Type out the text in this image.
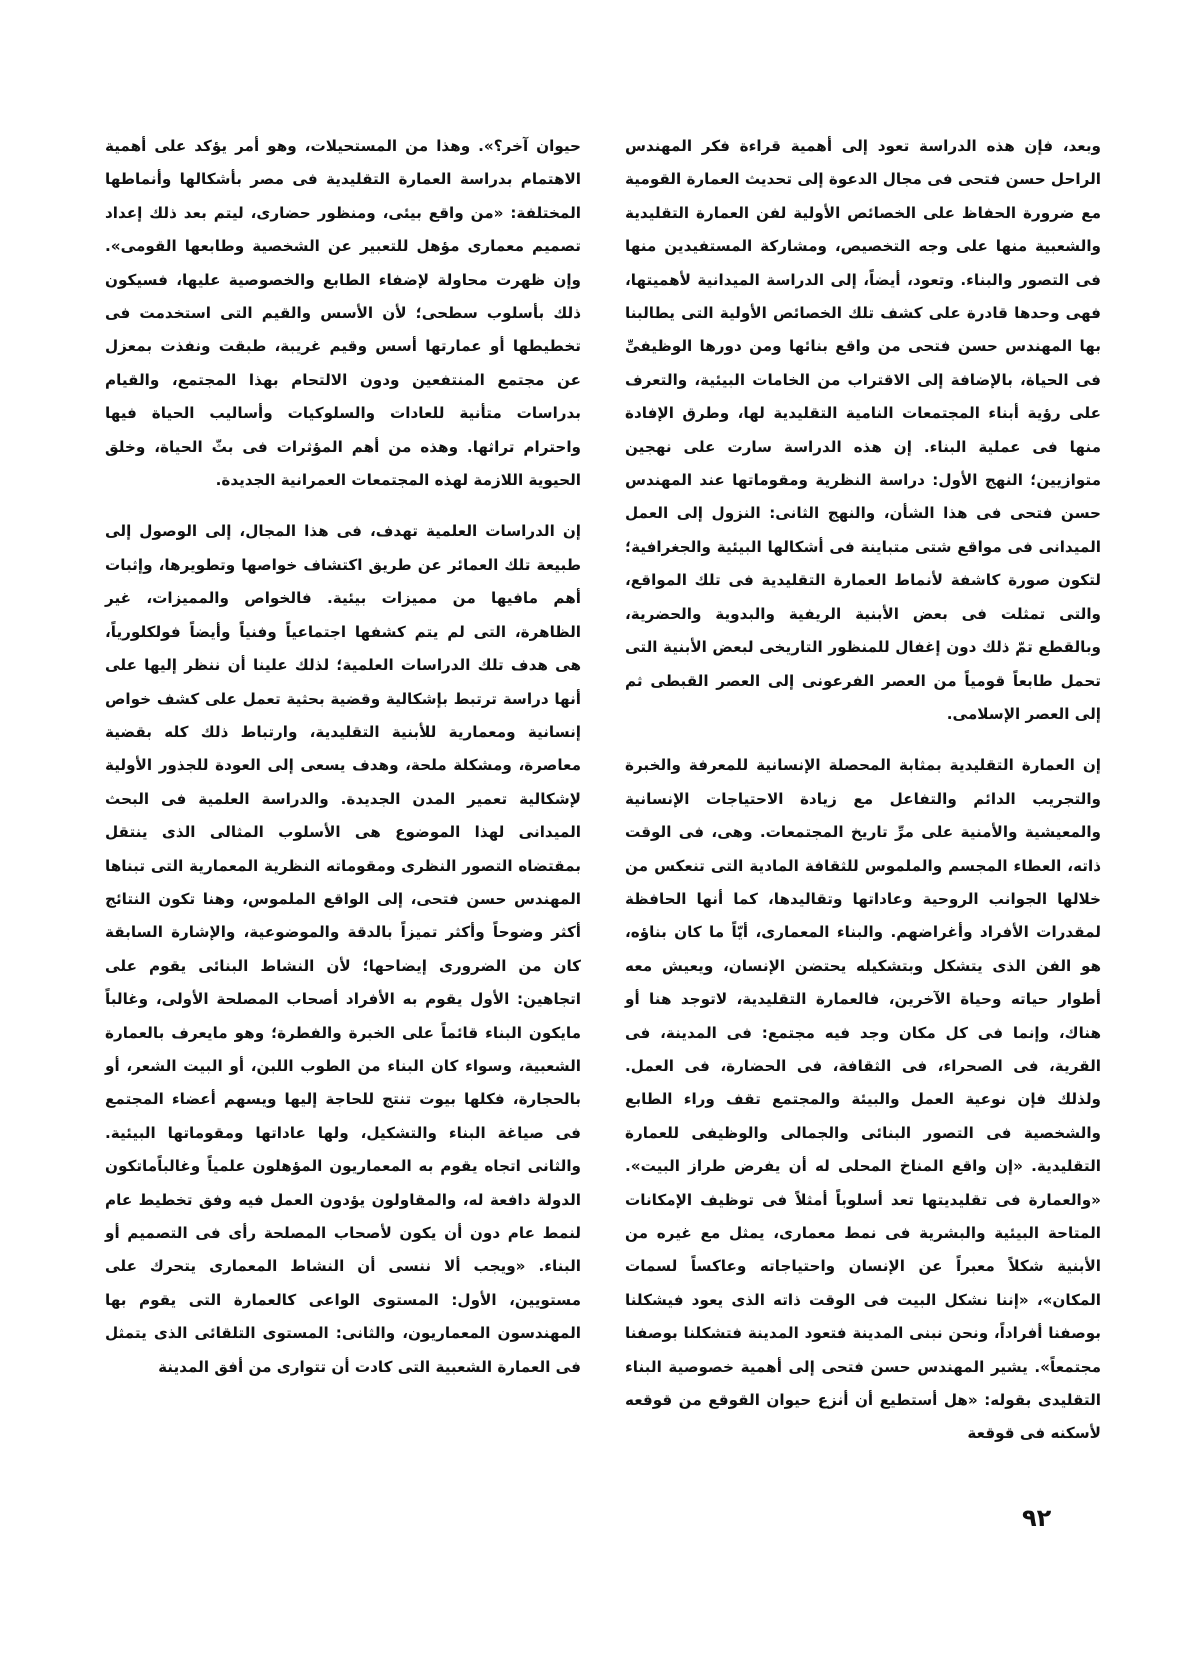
وبعد، فإن هذه الدراسة تعود إلى أهمية قراءة فكر المهندس الراحل حسن فتحى فى مجال الدعوة إلى تحديث العمارة القومية مع ضرورة الحفاظ على الخصائص الأولية لفن العمارة التقليدية والشعبية منها على وجه التخصيص، ومشاركة المستفيدين منها فى التصور والبناء. وتعود، أيضاً، إلى الدراسة الميدانية لأهميتها، فهى وحدها قادرة على كشف تلك الخصائص الأولية التى يطالبنا بها المهندس حسن فتحى من واقع بنائها ومن دورها الوظيفىِّ فى الحياة، بالإضافة إلى الاقتراب من الخامات البيئية، والتعرف على رؤية أبناء المجتمعات النامية التقليدية لها، وطرق الإفادة منها فى عملية البناء. إن هذه الدراسة سارت على نهجين متوازيين؛ النهج الأول: دراسة النظرية ومقوماتها عند المهندس حسن فتحى فى هذا الشأن، والنهج الثانى: النزول إلى العمل الميدانى فى مواقع شتى متباينة فى أشكالها البيئية والجغرافية؛ لتكون صورة كاشفة لأنماط العمارة التقليدية فى تلك المواقع، والتى تمثلت فى بعض الأبنية الريفية والبدوية والحضرية، وبالقطع تمّ ذلك دون إغفال للمنظور التاريخى لبعض الأبنية التى تحمل طابعاً قومياً من العصر الفرعونى إلى العصر القبطى ثم إلى العصر الإسلامى.

إن العمارة التقليدية بمثابة المحصلة الإنسانية للمعرفة والخبرة والتجريب الدائم والتفاعل مع زيادة الاحتياجات الإنسانية والمعيشية والأمنية على مرِّ تاريخ المجتمعات. وهى، فى الوقت ذاته، العطاء المجسم والملموس للثقافة المادية التى تنعكس من خلالها الجوانب الروحية وعاداتها وتقاليدها، كما أنها الحافظة لمقدرات الأفراد وأغراضهم. والبناء المعمارى، أيّاً ما كان بناؤه، هو الفن الذى يتشكل وبتشكيله يحتضن الإنسان، ويعيش معه أطوار حياته وحياة الآخرين، فالعمارة التقليدية، لاتوجد هنا أو هناك، وإنما فى كل مكان وجد فيه مجتمع: فى المدينة، فى القرية، فى الصحراء، فى الثقافة، فى الحضارة، فى العمل. ولذلك فإن نوعية العمل والبيئة والمجتمع تقف وراء الطابع والشخصية فى التصور البنائى والجمالى والوظيفى للعمارة التقليدية. «إن واقع المناخ المحلى له أن يفرض طراز البيت». «والعمارة فى تقليديتها تعد أسلوباً أمثلاً فى توظيف الإمكانات المتاحة البيئية والبشرية فى نمط معمارى، يمثل مع غيره من الأبنية شكلاً معبراً عن الإنسان واحتياجاته وعاكساً لسمات المكان»، «إننا نشكل البيت فى الوقت ذاته الذى يعود فيشكلنا بوصفنا أفراداً، ونحن نبنى المدينة فتعود المدينة فتشكلنا بوصفنا مجتمعاً». يشير المهندس حسن فتحى إلى أهمية خصوصية البناء التقليدى بقوله: «هل أستطيع أن أنزع حيوان القوقع من قوقعه لأسكنه فى قوقعة

حيوان آخر؟». وهذا من المستحيلات، وهو أمر يؤكد على أهمية الاهتمام بدراسة العمارة التقليدية فى مصر بأشكالها وأنماطها المختلفة: «من واقع بيئى، ومنظور حضارى، ليتم بعد ذلك إعداد تصميم معمارى مؤهل للتعبير عن الشخصية وطابعها القومى». وإن ظهرت محاولة لإضفاء الطابع والخصوصية عليها، فسيكون ذلك بأسلوب سطحى؛ لأن الأسس والقيم التى استخدمت فى تخطيطها أو عمارتها أسس وقيم غريبة، طبقت ونفذت بمعزل عن مجتمع المنتفعين ودون الالتحام بهذا المجتمع، والقيام بدراسات متأنية للعادات والسلوكيات وأساليب الحياة فيها واحترام تراثها. وهذه من أهم المؤثرات فى بثّ الحياة، وخلق الحيوية اللازمة لهذه المجتمعات العمرانية الجديدة.

إن الدراسات العلمية تهدف، فى هذا المجال، إلى الوصول إلى طبيعة تلك العمائر عن طريق اكتشاف خواصها وتطويرها، وإثبات أهم مافيها من مميزات بيئية. فالخواص والمميزات، غير الظاهرة، التى لم يتم كشفها اجتماعياً وفنياً وأيضاً فولكلورياً، هى هدف تلك الدراسات العلمية؛ لذلك علينا أن ننظر إليها على أنها دراسة ترتبط بإشكالية وقضية بحثية تعمل على كشف خواص إنسانية ومعمارية للأبنية التقليدية، وارتباط ذلك كله بقضية معاصرة، ومشكلة ملحة، وهدف يسعى إلى العودة للجذور الأولية لإشكالية تعمير المدن الجديدة. والدراسة العلمية فى البحث الميدانى لهذا الموضوع هى الأسلوب المثالى الذى ينتقل بمقتضاه التصور النظرى ومقوماته النظرية المعمارية التى تبناها المهندس حسن فتحى، إلى الواقع الملموس، وهنا تكون النتائج أكثر وضوحاً وأكثر تميزاً بالدقة والموضوعية، والإشارة السابقة كان من الضرورى إيضاحها؛ لأن النشاط البنائى يقوم على اتجاهين: الأول يقوم به الأفراد أصحاب المصلحة الأولى، وغالباً مايكون البناء قائماً على الخبرة والفطرة؛ وهو مايعرف بالعمارة الشعبية، وسواء كان البناء من الطوب اللبن، أو البيت الشعر، أو بالحجارة، فكلها بيوت تنتج للحاجة إليها ويسهم أعضاء المجتمع فى صياغة البناء والتشكيل، ولها عاداتها ومقوماتها البيئية. والثانى اتجاه يقوم به المعماريون المؤهلون علمياً وغالباًماتكون الدولة دافعة له، والمقاولون يؤدون العمل فيه وفق تخطيط عام لنمط عام دون أن يكون لأصحاب المصلحة رأى فى التصميم أو البناء. «ويجب ألا ننسى أن النشاط المعمارى يتحرك على مستويين، الأول: المستوى الواعى كالعمارة التى يقوم بها المهندسون المعماريون، والثانى: المستوى التلقائى الذى يتمثل فى العمارة الشعبية التى كادت أن تتوارى من أفق المدينة

٩٢
